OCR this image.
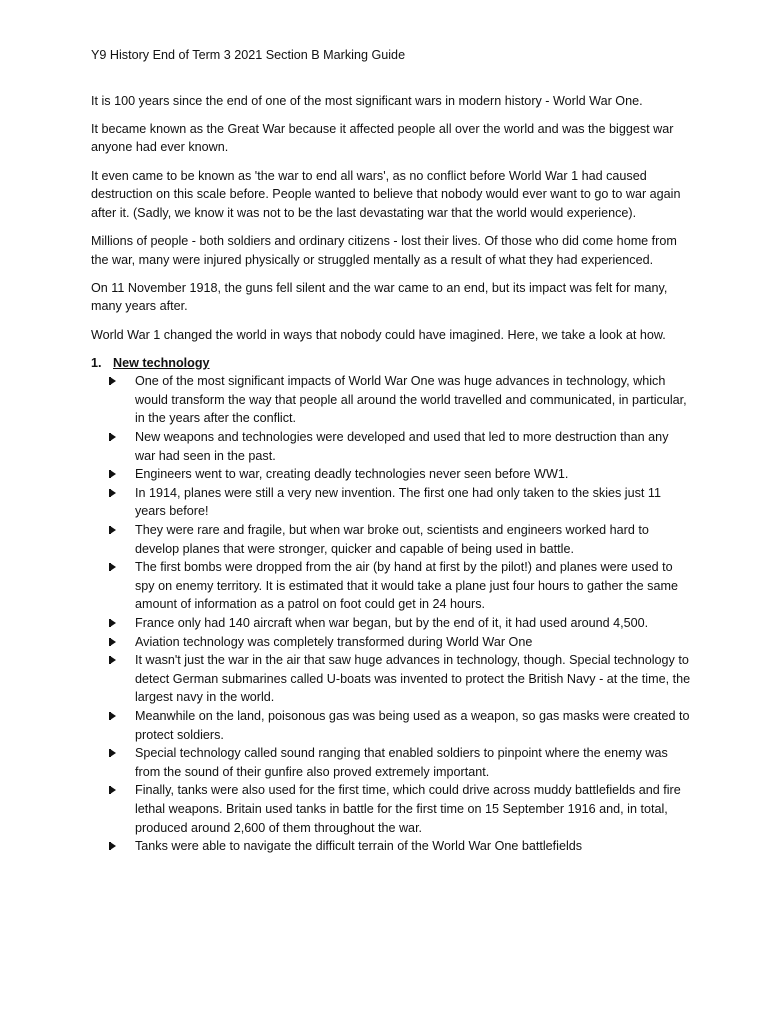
Y9 History End of Term 3 2021 Section B Marking Guide

It is 100 years since the end of one of the most significant wars in modern history - World War One.

It became known as the Great War because it affected people all over the world and was the biggest war anyone had ever known.

It even came to be known as 'the war to end all wars', as no conflict before World War 1 had caused destruction on this scale before. People wanted to believe that nobody would ever want to go to war again after it. (Sadly, we know it was not to be the last devastating war that the world would experience).

Millions of people - both soldiers and ordinary citizens - lost their lives. Of those who did come home from the war, many were injured physically or struggled mentally as a result of what they had experienced.

On 11 November 1918, the guns fell silent and the war came to an end, but its impact was felt for many, many years after.

World War 1 changed the world in ways that nobody could have imagined. Here, we take a look at how.

1. New technology
One of the most significant impacts of World War One was huge advances in technology, which would transform the way that people all around the world travelled and communicated, in particular, in the years after the conflict.
New weapons and technologies were developed and used that led to more destruction than any war had seen in the past.
Engineers went to war, creating deadly technologies never seen before WW1.
In 1914, planes were still a very new invention. The first one had only taken to the skies just 11 years before!
They were rare and fragile, but when war broke out, scientists and engineers worked hard to develop planes that were stronger, quicker and capable of being used in battle.
The first bombs were dropped from the air (by hand at first by the pilot!) and planes were used to spy on enemy territory. It is estimated that it would take a plane just four hours to gather the same amount of information as a patrol on foot could get in 24 hours.
France only had 140 aircraft when war began, but by the end of it, it had used around 4,500.
Aviation technology was completely transformed during World War One
It wasn't just the war in the air that saw huge advances in technology, though. Special technology to detect German submarines called U-boats was invented to protect the British Navy - at the time, the largest navy in the world.
Meanwhile on the land, poisonous gas was being used as a weapon, so gas masks were created to protect soldiers.
Special technology called sound ranging that enabled soldiers to pinpoint where the enemy was from the sound of their gunfire also proved extremely important.
Finally, tanks were also used for the first time, which could drive across muddy battlefields and fire lethal weapons. Britain used tanks in battle for the first time on 15 September 1916 and, in total, produced around 2,600 of them throughout the war.
Tanks were able to navigate the difficult terrain of the World War One battlefields
